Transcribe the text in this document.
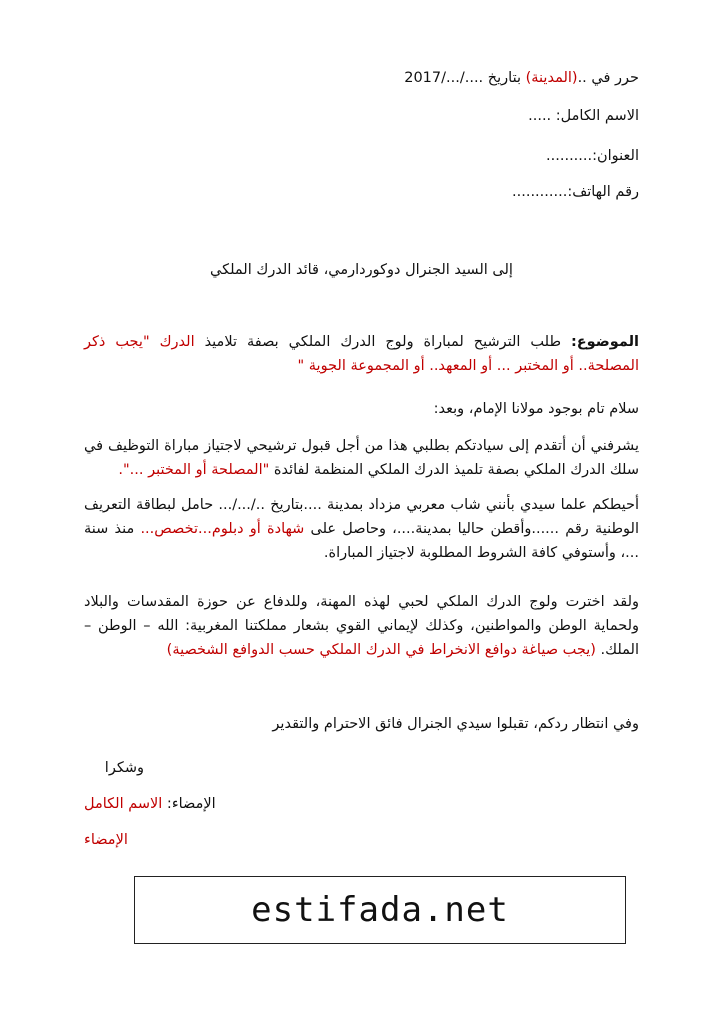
حرر في ..(المدينة) بتاريخ ..../...2017/
الاسم الكامل: .....
العنوان:..........
رقم الهاتف:............
إلى السيد الجنرال دوكوردارمي، قائد الدرك الملكي
الموضوع: طلب الترشيح لمباراة ولوج الدرك الملكي بصفة تلاميذ الدرك "يجب ذكر المصلحة.. أو المختبر ... أو المعهد.. أو المجموعة الجوية "
سلام تام بوجود مولانا الإمام، وبعد:
يشرفني أن أتقدم إلى سيادتكم بطلبي هذا من أجل قبول ترشيحي لاجتياز مباراة التوظيف في سلك الدرك الملكي بصفة تلميذ الدرك الملكي المنظمة لفائدة "المصلحة أو المختبر ...".
أحيطكم علما سيدي بأنني شاب معربي مزداد بمدينة ....بتاريخ ../.../... حامل لبطاقة التعريف الوطنية رقم ......وأقطن حاليا بمدينة....، وحاصل على شهادة أو دبلوم...تخصص... منذ سنة ...، وأستوفي كافة الشروط المطلوبة لاجتياز المباراة.
ولقد اخترت ولوج الدرك الملكي لحبي لهذه المهنة، وللدفاع عن حوزة المقدسات والبلاد ولحماية الوطن والمواطنين، وكذلك لإيماني القوي بشعار مملكتنا المغربية: الله – الوطن – الملك. (يجب صياغة دوافع الانخراط في الدرك الملكي حسب الدوافع الشخصية)
وفي انتظار ردكم، تقبلوا سيدي الجنرال فائق الاحترام والتقدير
وشكرا
الإمضاء: الاسم الكامل
الإمضاء
estifada.net
